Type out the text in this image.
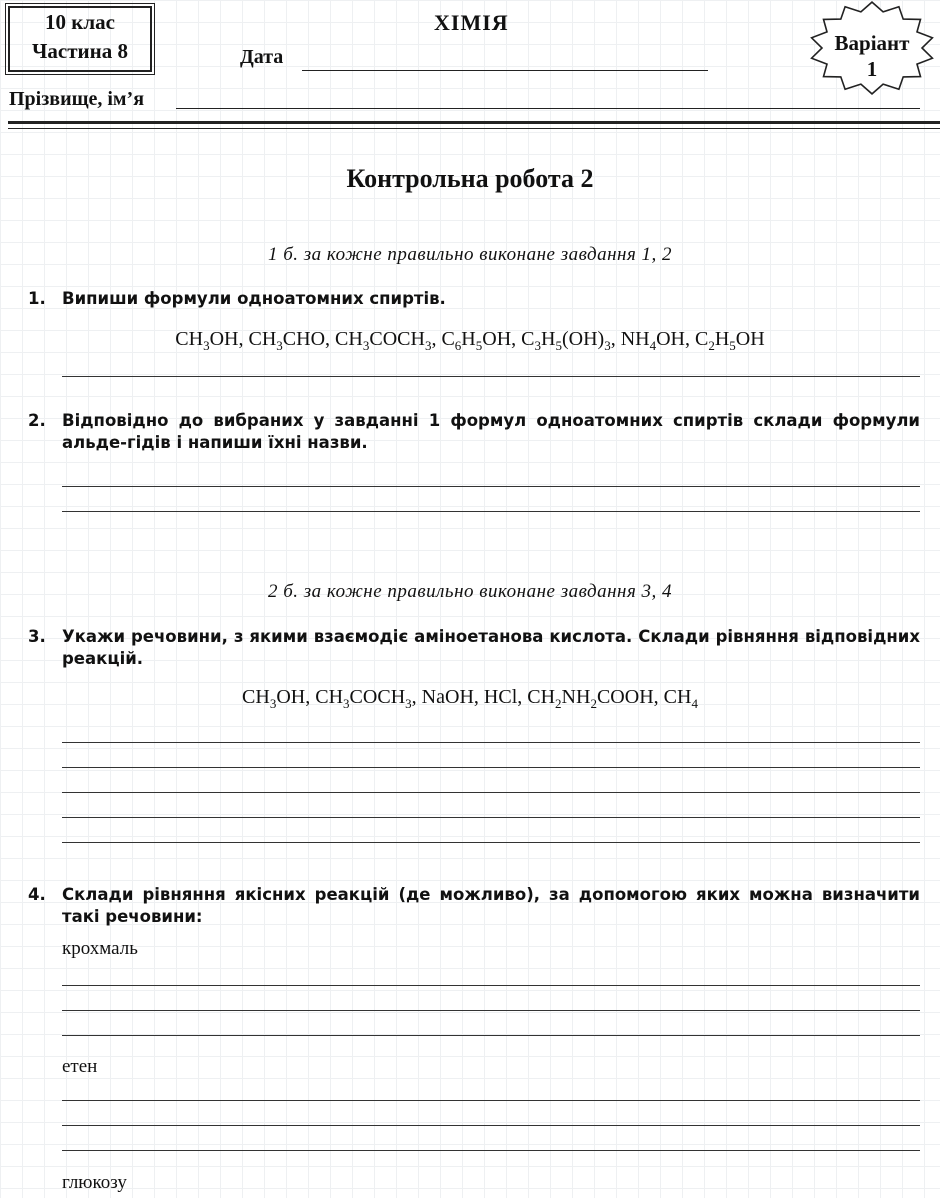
10 клас
Частина 8
ХІМІЯ
Дата
Прізвище, ім’я
Варіант
1
Контрольна робота 2
1 б. за кожне правильно виконане завдання 1, 2
1. Випиши формули одноатомних спиртів.
$CH_3OH$, $CH_3CHO$, $CH_3COCH_3$, $C_6H_5OH$, $C_3H_5(OH)_3$, $NH_4OH$, $C_2H_5OH$
2. Відповідно до вибраних у завданні 1 формул одноатомних спиртів склади формули альде-гідів і напиши їхні назви.
2 б. за кожне правильно виконане завдання 3, 4
3. Укажи речовини, з якими взаємодіє аміноетанова кислота. Склади рівняння відповідних реакцій.
$CH_3OH$, $CH_3COCH_3$, NaOH, HCl, $CH_2NH_2COOH$, $CH_4$
4. Склади рівняння якісних реакцій (де можливо), за допомогою яких можна визначити такі речовини:
крохмаль
етен
глюкозу
